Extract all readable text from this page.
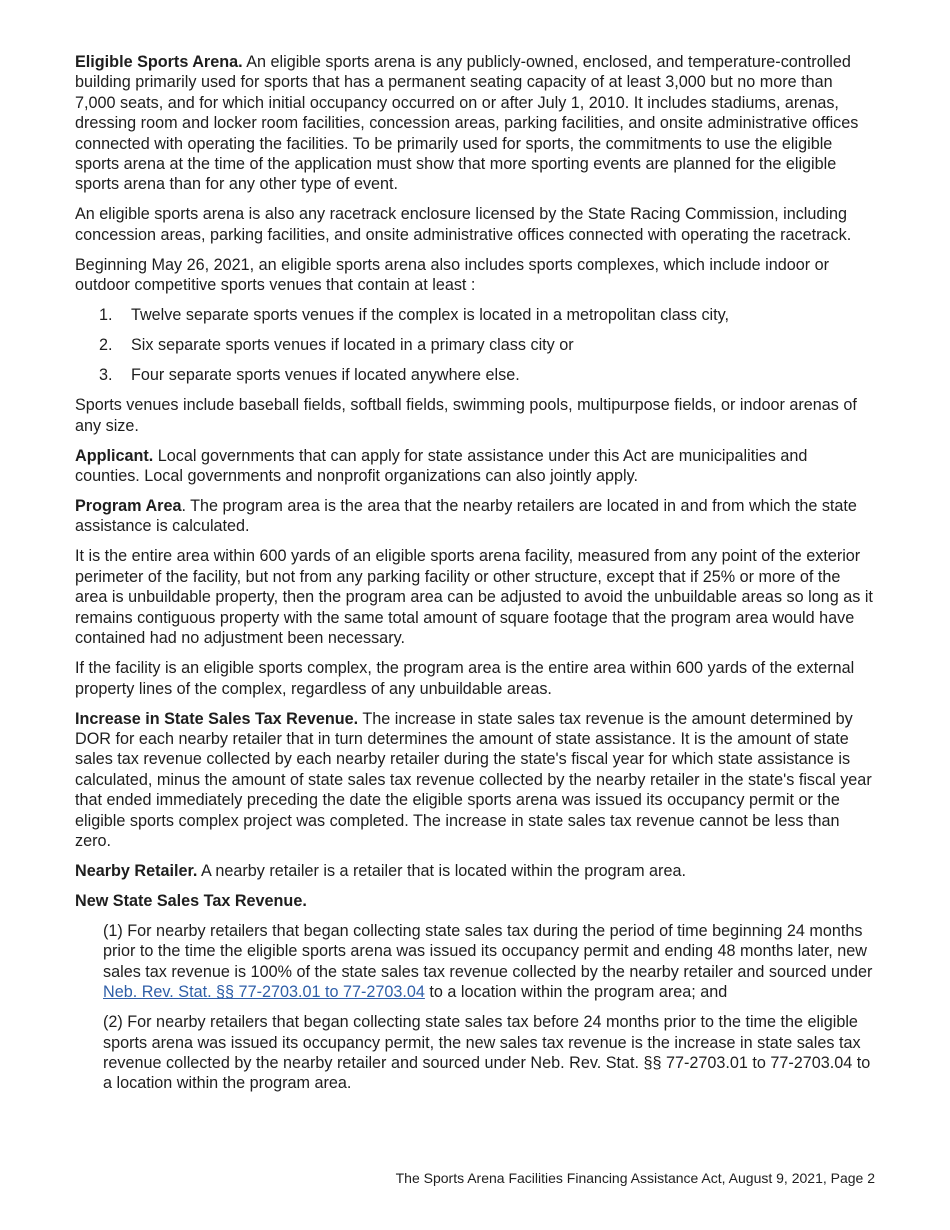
Eligible Sports Arena. An eligible sports arena is any publicly-owned, enclosed, and temperature-controlled building primarily used for sports that has a permanent seating capacity of at least 3,000 but no more than 7,000 seats, and for which initial occupancy occurred on or after July 1, 2010. It includes stadiums, arenas, dressing room and locker room facilities, concession areas, parking facilities, and onsite administrative offices connected with operating the facilities. To be primarily used for sports, the commitments to use the eligible sports arena at the time of the application must show that more sporting events are planned for the eligible sports arena than for any other type of event.

An eligible sports arena is also any racetrack enclosure licensed by the State Racing Commission, including concession areas, parking facilities, and onsite administrative offices connected with operating the racetrack.

Beginning May 26, 2021, an eligible sports arena also includes sports complexes, which include indoor or outdoor competitive sports venues that contain at least :

1. Twelve separate sports venues if the complex is located in a metropolitan class city,
2. Six separate sports venues if located in a primary class city or
3. Four separate sports venues if located anywhere else.

Sports venues include baseball fields, softball fields, swimming pools, multipurpose fields, or indoor arenas of any size.

Applicant. Local governments that can apply for state assistance under this Act are municipalities and counties. Local governments and nonprofit organizations can also jointly apply.

Program Area. The program area is the area that the nearby retailers are located in and from which the state assistance is calculated.

It is the entire area within 600 yards of an eligible sports arena facility, measured from any point of the exterior perimeter of the facility, but not from any parking facility or other structure, except that if 25% or more of the area is unbuildable property, then the program area can be adjusted to avoid the unbuildable areas so long as it remains contiguous property with the same total amount of square footage that the program area would have contained had no adjustment been necessary.

If the facility is an eligible sports complex, the program area is the entire area within 600 yards of the external property lines of the complex, regardless of any unbuildable areas.

Increase in State Sales Tax Revenue. The increase in state sales tax revenue is the amount determined by DOR for each nearby retailer that in turn determines the amount of state assistance. It is the amount of state sales tax revenue collected by each nearby retailer during the state's fiscal year for which state assistance is calculated, minus the amount of state sales tax revenue collected by the nearby retailer in the state's fiscal year that ended immediately preceding the date the eligible sports arena was issued its occupancy permit or the eligible sports complex project was completed. The increase in state sales tax revenue cannot be less than zero.

Nearby Retailer. A nearby retailer is a retailer that is located within the program area.

New State Sales Tax Revenue.

(1) For nearby retailers that began collecting state sales tax during the period of time beginning 24 months prior to the time the eligible sports arena was issued its occupancy permit and ending 48 months later, new sales tax revenue is 100% of the state sales tax revenue collected by the nearby retailer and sourced under Neb. Rev. Stat. §§ 77-2703.01 to 77-2703.04 to a location within the program area; and

(2) For nearby retailers that began collecting state sales tax before 24 months prior to the time the eligible sports arena was issued its occupancy permit, the new sales tax revenue is the increase in state sales tax revenue collected by the nearby retailer and sourced under Neb. Rev. Stat. §§ 77-2703.01 to 77-2703.04 to a location within the program area.

The Sports Arena Facilities Financing Assistance Act, August 9, 2021, Page 2
